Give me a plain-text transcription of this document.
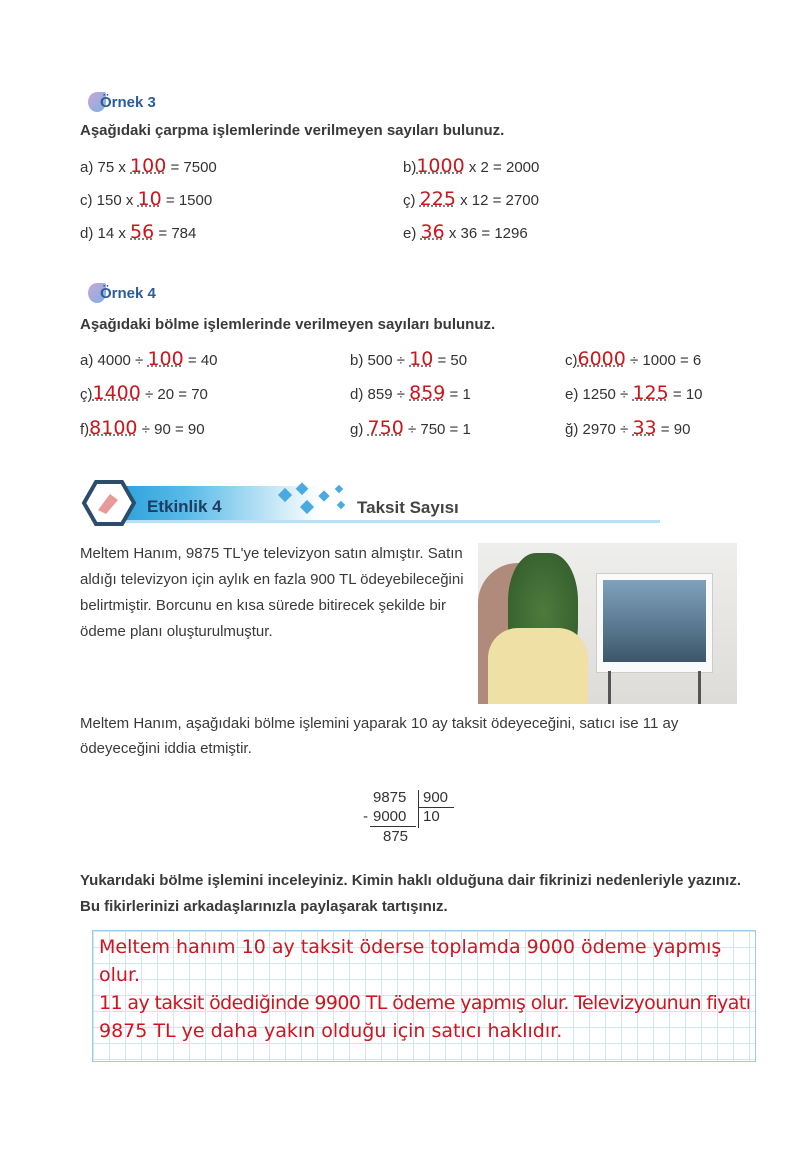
Örnek 3
Aşağıdaki çarpma işlemlerinde verilmeyen sayıları bulunuz.
a) 75 x 100 = 7500	b)1000 x 2 = 2000
c) 150 x 10 = 1500	ç) 225 x 12 = 2700
d) 14 x 56 = 784	e) 36 x 36 = 1296
Örnek 4
Aşağıdaki bölme işlemlerinde verilmeyen sayıları bulunuz.
a) 4000 ÷ 100 = 40	b) 500 ÷ 10 = 50	c)6000 ÷ 1000 = 6
ç)1400 ÷ 20 = 70	d) 859 ÷ 859 = 1	e) 1250 ÷ 125 = 10
f)8100 ÷ 90 = 90	g) 750 ÷ 750 = 1	ğ) 2970 ÷ 33 = 90
Etkinlik 4	Taksit Sayısı
Meltem Hanım, 9875 TL'ye televizyon satın almıştır. Satın aldığı televizyon için aylık en fazla 900 TL ödeyebileceğini belirtmiştir. Borcunu en kısa sürede bitirecek şekilde bir ödeme planı oluşturulmuştur.
Meltem Hanım, aşağıdaki bölme işlemini yaparak 10 ay taksit ödeyeceğini, satıcı ise 11 ay ödeyeceğini iddia etmiştir.
9875 900
- 9000 10
875
Yukarıdaki bölme işlemini inceleyiniz. Kimin haklı olduğuna dair fikrinizi nedenleriyle yazınız. Bu fikirlerinizi arkadaşlarınızla paylaşarak tartışınız.
Meltem hanım 10 ay taksit öderse toplamda 9000 ödeme yapmış olur.
11 ay taksit ödediğinde 9900 TL ödeme yapmış olur. Televizyounun fiyatı
9875 TL ye daha yakın olduğu için satıcı haklıdır.
